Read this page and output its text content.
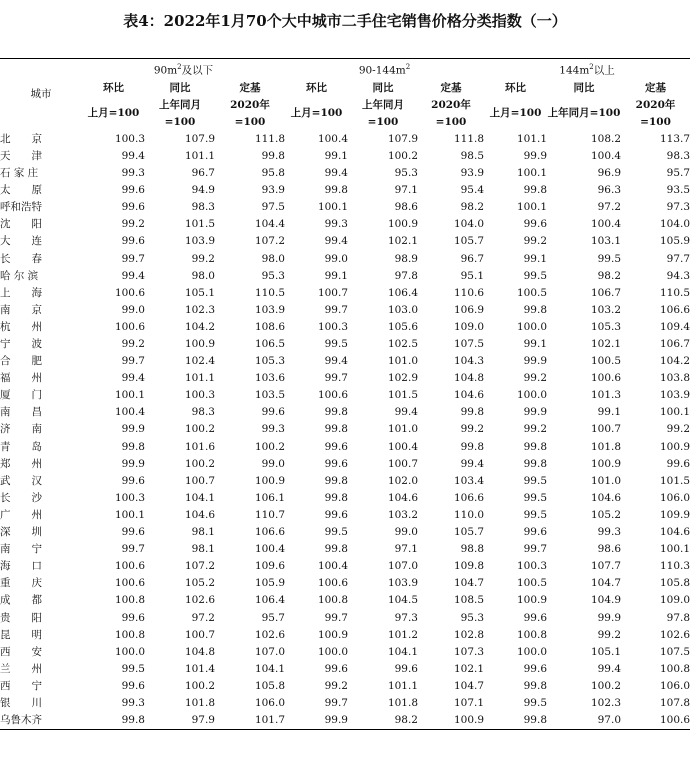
表4：2022年1月70个大中城市二手住宅销售价格分类指数（一）
城市	$90m^2$及以下			$90-144m^2$			$144m^2$以上		
	环比	同比	定基	环比	同比	定基	环比	同比	定基
	上月=100	上年同月=100	2020年=100	上月=100	上年同月=100	2020年=100	上月=100	上年同月=100	2020年=100
北　　京	100.3	107.9	111.8	100.4	107.9	111.8	101.1	108.2	113.7
天　　津	99.4	101.1	99.8	99.1	100.2	98.5	99.9	100.4	98.3
石 家 庄	99.3	96.7	95.8	99.4	95.3	93.9	100.1	96.9	95.7
太　　原	99.6	94.9	93.9	99.8	97.1	95.4	99.8	96.3	93.5
呼和浩特	99.6	98.3	97.5	100.1	98.6	98.2	100.1	97.2	97.3
沈　　阳	99.2	101.5	104.4	99.3	100.9	104.0	99.6	100.4	104.0
大　　连	99.6	103.9	107.2	99.4	102.1	105.7	99.2	103.1	105.9
长　　春	99.7	99.2	98.0	99.0	98.9	96.7	99.1	99.5	97.7
哈 尔 滨	99.4	98.0	95.3	99.1	97.8	95.1	99.5	98.2	94.3
上　　海	100.6	105.1	110.5	100.7	106.4	110.6	100.5	106.7	110.5
南　　京	99.0	102.3	103.9	99.7	103.0	106.9	99.8	103.2	106.6
杭　　州	100.6	104.2	108.6	100.3	105.6	109.0	100.0	105.3	109.4
宁　　波	99.2	100.9	106.5	99.5	102.5	107.5	99.1	102.1	106.7
合　　肥	99.7	102.4	105.3	99.4	101.0	104.3	99.9	100.5	104.2
福　　州	99.4	101.1	103.6	99.7	102.9	104.8	99.2	100.6	103.8
厦　　门	100.1	100.3	103.5	100.6	101.5	104.6	100.0	101.3	103.9
南　　昌	100.4	98.3	99.6	99.8	99.4	99.8	99.9	99.1	100.1
济　　南	99.9	100.2	99.3	99.8	101.0	99.2	99.2	100.7	99.2
青　　岛	99.8	101.6	100.2	99.6	100.4	99.8	99.8	101.8	100.9
郑　　州	99.9	100.2	99.0	99.6	100.7	99.4	99.8	100.9	99.6
武　　汉	99.6	100.7	100.9	99.8	102.0	103.4	99.5	101.0	101.5
长　　沙	100.3	104.1	106.1	99.8	104.6	106.6	99.5	104.6	106.0
广　　州	100.1	104.6	110.7	99.6	103.2	110.0	99.5	105.2	109.9
深　　圳	99.6	98.1	106.6	99.5	99.0	105.7	99.6	99.3	104.6
南　　宁	99.7	98.1	100.4	99.8	97.1	98.8	99.7	98.6	100.1
海　　口	100.6	107.2	109.6	100.4	107.0	109.8	100.3	107.7	110.3
重　　庆	100.6	105.2	105.9	100.6	103.9	104.7	100.5	104.7	105.8
成　　都	100.8	102.6	106.4	100.8	104.5	108.5	100.9	104.9	109.0
贵　　阳	99.6	97.2	95.7	99.7	97.3	95.3	99.6	99.9	97.8
昆　　明	100.8	100.7	102.6	100.9	101.2	102.8	100.8	99.2	102.6
西　　安	100.0	104.8	107.0	100.0	104.1	107.3	100.0	105.1	107.5
兰　　州	99.5	101.4	104.1	99.6	99.6	102.1	99.6	99.4	100.8
西　　宁	99.6	100.2	105.8	99.2	101.1	104.7	99.8	100.2	106.0
银　　川	99.3	101.8	106.0	99.7	101.8	107.1	99.5	102.3	107.8
乌鲁木齐	99.8	97.9	101.7	99.9	98.2	100.9	99.8	97.0	100.6
